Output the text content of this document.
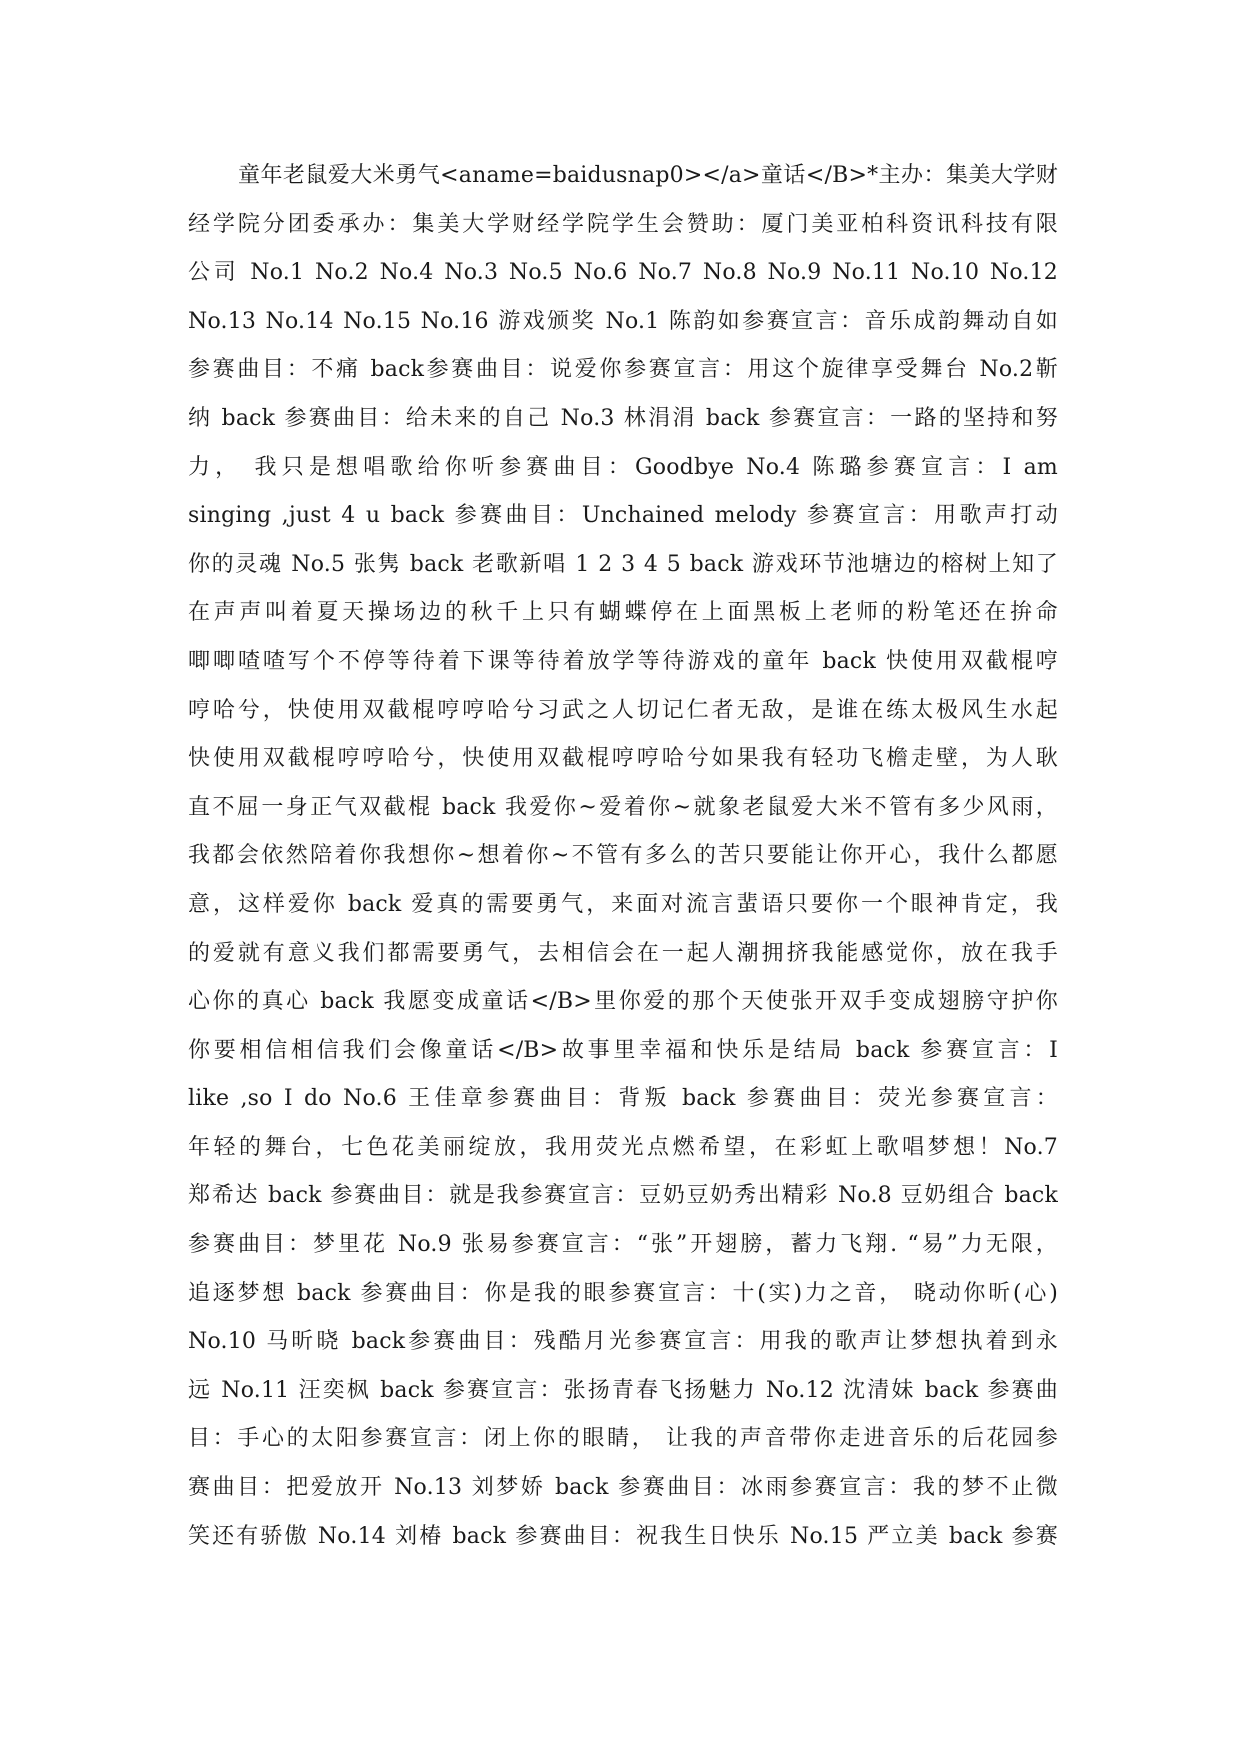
童年老鼠爱大米勇气<aname=baidusnap0></a>童话</B>*主办：集美大学财
经学院分团委承办：集美大学财经学院学生会赞助：厦门美亚柏科资讯科技有限
公司 No.1 No.2 No.4 No.3 No.5 No.6 No.7 No.8 No.9 No.11 No.10 No.12
No.13 No.14 No.15 No.16 游戏颁奖 No.1 陈韵如参赛宣言：音乐成韵舞动自如
参赛曲目：不痛 back参赛曲目：说爱你参赛宣言：用这个旋律享受舞台 No.2靳
纳 back 参赛曲目：给未来的自己 No.3 林涓涓 back 参赛宣言：一路的坚持和努
力， 我只是想唱歌给你听参赛曲目：Goodbye No.4 陈璐参赛宣言：I am
singing ,just 4 u back 参赛曲目：Unchained melody 参赛宣言：用歌声打动
你的灵魂 No.5 张隽 back 老歌新唱 1 2 3 4 5 back 游戏环节池塘边的榕树上知了
在声声叫着夏天操场边的秋千上只有蝴蝶停在上面黑板上老师的粉笔还在拚命
唧唧喳喳写个不停等待着下课等待着放学等待游戏的童年 back 快使用双截棍哼
哼哈兮，快使用双截棍哼哼哈兮习武之人切记仁者无敌，是谁在练太极风生水起
快使用双截棍哼哼哈兮，快使用双截棍哼哼哈兮如果我有轻功飞檐走壁，为人耿
直不屈一身正气双截棍 back 我爱你~爱着你~就象老鼠爱大米不管有多少风雨，
我都会依然陪着你我想你~想着你~不管有多么的苦只要能让你开心，我什么都愿
意，这样爱你 back 爱真的需要勇气，来面对流言蜚语只要你一个眼神肯定，我
的爱就有意义我们都需要勇气，去相信会在一起人潮拥挤我能感觉你，放在我手
心你的真心 back 我愿变成童话</B>里你爱的那个天使张开双手变成翅膀守护你
你要相信相信我们会像童话</B>故事里幸福和快乐是结局 back 参赛宣言：I
like ,so I do No.6 王佳章参赛曲目：背叛 back 参赛曲目：荧光参赛宣言：
年轻的舞台，七色花美丽绽放，我用荧光点燃希望，在彩虹上歌唱梦想！No.7
郑希达 back 参赛曲目：就是我参赛宣言：豆奶豆奶秀出精彩 No.8 豆奶组合 back
参赛曲目：梦里花 No.9 张易参赛宣言：“张”开翅膀，蓄力飞翔. “易”力无限，
追逐梦想 back 参赛曲目：你是我的眼参赛宣言：十(实)力之音， 晓动你昕(心)
No.10 马昕晓 back参赛曲目：残酷月光参赛宣言：用我的歌声让梦想执着到永
远 No.11 汪奕枫 back 参赛宣言：张扬青春飞扬魅力 No.12 沈清妹 back 参赛曲
目：手心的太阳参赛宣言：闭上你的眼睛， 让我的声音带你走进音乐的后花园参
赛曲目：把爱放开 No.13 刘梦娇 back 参赛曲目：冰雨参赛宣言：我的梦不止微
笑还有骄傲 No.14 刘椿 back 参赛曲目：祝我生日快乐 No.15 严立美 back 参赛
